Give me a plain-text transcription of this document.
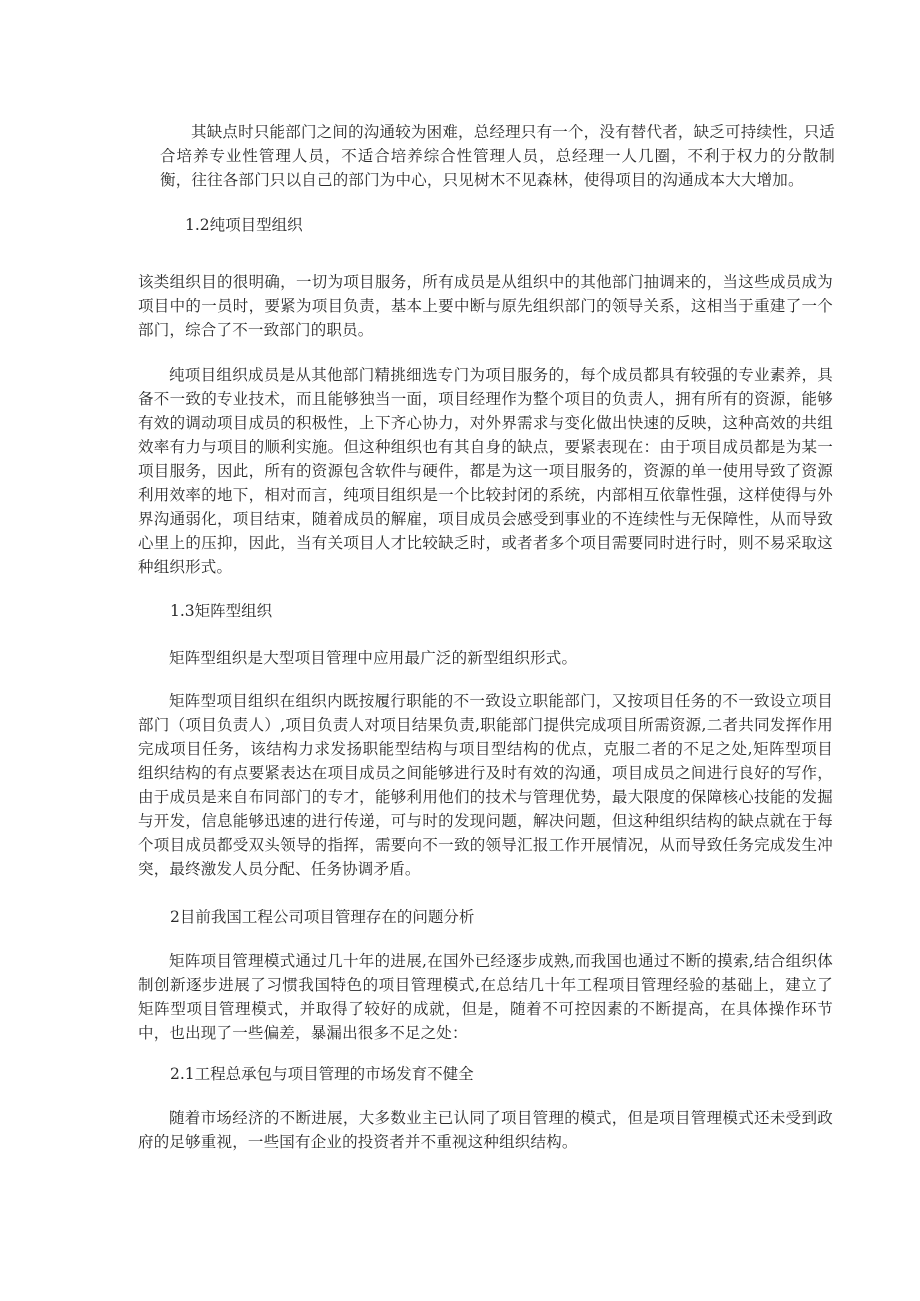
其缺点时只能部门之间的沟通较为困难，总经理只有一个，没有替代者，缺乏可持续性，只适合培养专业性管理人员，不适合培养综合性管理人员，总经理一人几圈，不利于权力的分散制衡，往往各部门只以自己的部门为中心，只见树木不见森林，使得项目的沟通成本大大增加。

1.2纯项目型组织

该类组织目的很明确，一切为项目服务，所有成员是从组织中的其他部门抽调来的，当这些成员成为项目中的一员时，要紧为项目负责，基本上要中断与原先组织部门的领导关系，这相当于重建了一个部门，综合了不一致部门的职员。

纯项目组织成员是从其他部门精挑细选专门为项目服务的，每个成员都具有较强的专业素养，具备不一致的专业技术，而且能够独当一面，项目经理作为整个项目的负责人，拥有所有的资源，能够有效的调动项目成员的积极性，上下齐心协力，对外界需求与变化做出快速的反映，这种高效的共组效率有力与项目的顺利实施。但这种组织也有其自身的缺点，要紧表现在：由于项目成员都是为某一项目服务，因此，所有的资源包含软件与硬件，都是为这一项目服务的，资源的单一使用导致了资源利用效率的地下，相对而言，纯项目组织是一个比较封闭的系统，内部相互依靠性强，这样使得与外界沟通弱化，项目结束，随着成员的解雇，项目成员会感受到事业的不连续性与无保障性，从而导致心里上的压抑，因此，当有关项目人才比较缺乏时，或者者多个项目需要同时进行时，则不易采取这种组织形式。

1.3矩阵型组织

矩阵型组织是大型项目管理中应用最广泛的新型组织形式。

矩阵型项目组织在组织内既按履行职能的不一致设立职能部门，又按项目任务的不一致设立项目部门（项目负责人）,项目负责人对项目结果负责,职能部门提供完成项目所需资源,二者共同发挥作用完成项目任务，该结构力求发扬职能型结构与项目型结构的优点，克服二者的不足之处,矩阵型项目组织结构的有点要紧表达在项目成员之间能够进行及时有效的沟通，项目成员之间进行良好的写作，由于成员是来自布同部门的专才，能够利用他们的技术与管理优势，最大限度的保障核心技能的发掘与开发，信息能够迅速的进行传递，可与时的发现问题，解决问题，但这种组织结构的缺点就在于每个项目成员都受双头领导的指挥，需要向不一致的领导汇报工作开展情况，从而导致任务完成发生冲突，最终激发人员分配、任务协调矛盾。

2目前我国工程公司项目管理存在的问题分析

矩阵项目管理模式通过几十年的进展,在国外已经逐步成熟,而我国也通过不断的摸索,结合组织体制创新逐步进展了习惯我国特色的项目管理模式,在总结几十年工程项目管理经验的基础上，建立了矩阵型项目管理模式，并取得了较好的成就，但是，随着不可控因素的不断提高，在具体操作环节中，也出现了一些偏差，暴漏出很多不足之处：

2.1工程总承包与项目管理的市场发育不健全

随着市场经济的不断进展，大多数业主已认同了项目管理的模式，但是项目管理模式还未受到政府的足够重视，一些国有企业的投资者并不重视这种组织结构。
